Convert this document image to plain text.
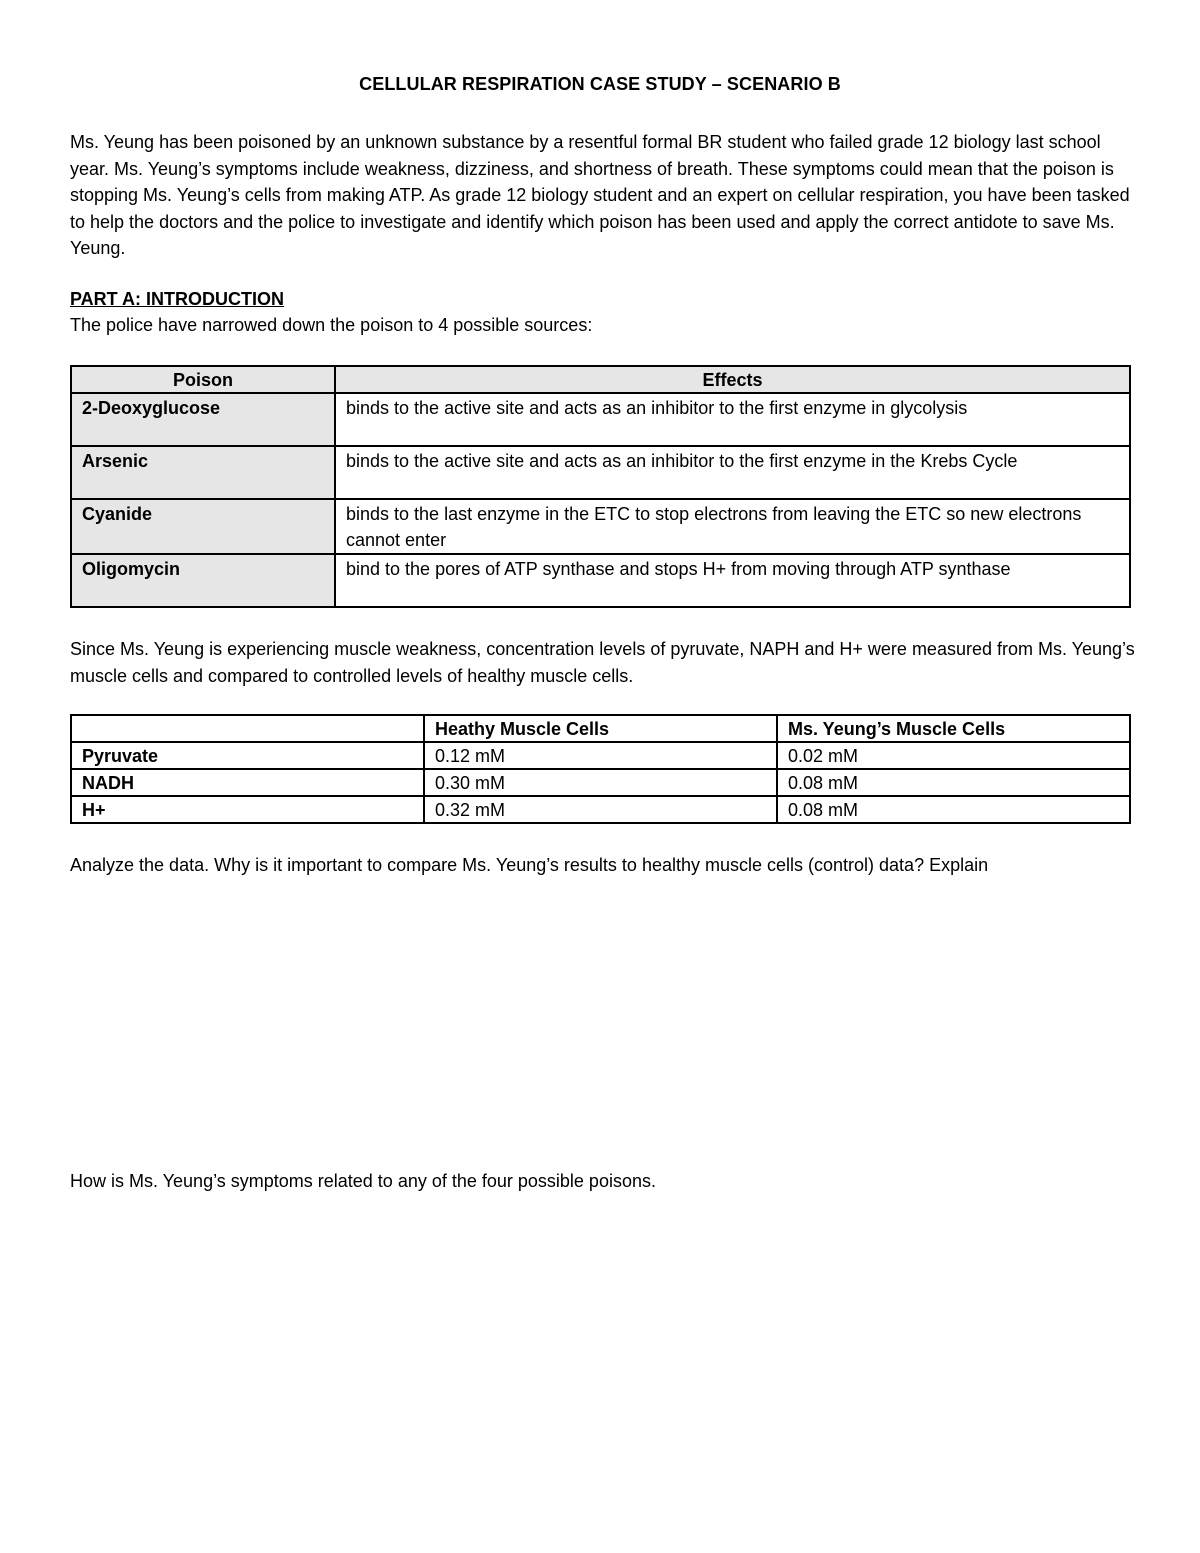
CELLULAR RESPIRATION CASE STUDY – SCENARIO B
Ms. Yeung has been poisoned by an unknown substance by a resentful formal BR student who failed grade 12 biology last school year. Ms. Yeung’s symptoms include weakness, dizziness, and shortness of breath. These symptoms could mean that the poison is stopping Ms. Yeung’s cells from making ATP. As grade 12 biology student and an expert on cellular respiration, you have been tasked to help the doctors and the police to investigate and identify which poison has been used and apply the correct antidote to save Ms. Yeung.
PART A: INTRODUCTION
The police have narrowed down the poison to 4 possible sources:
Poison	Effects
2-Deoxyglucose	binds to the active site and acts as an inhibitor to the first enzyme in glycolysis
Arsenic	binds to the active site and acts as an inhibitor to the first enzyme in the Krebs Cycle
Cyanide	binds to the last enzyme in the ETC to stop electrons from leaving the ETC so new electrons cannot enter
Oligomycin	bind to the pores of ATP synthase and stops H+ from moving through ATP synthase
Since Ms. Yeung is experiencing muscle weakness, concentration levels of pyruvate, NAPH and H+ were measured from Ms. Yeung’s muscle cells and compared to controlled levels of healthy muscle cells.
	Heathy Muscle Cells	Ms. Yeung’s Muscle Cells
Pyruvate	0.12 mM	0.02 mM
NADH	0.30 mM	0.08 mM
H+	0.32 mM	0.08 mM
Analyze the data. Why is it important to compare Ms. Yeung’s results to healthy muscle cells (control) data? Explain
How is Ms. Yeung’s symptoms related to any of the four possible poisons.
